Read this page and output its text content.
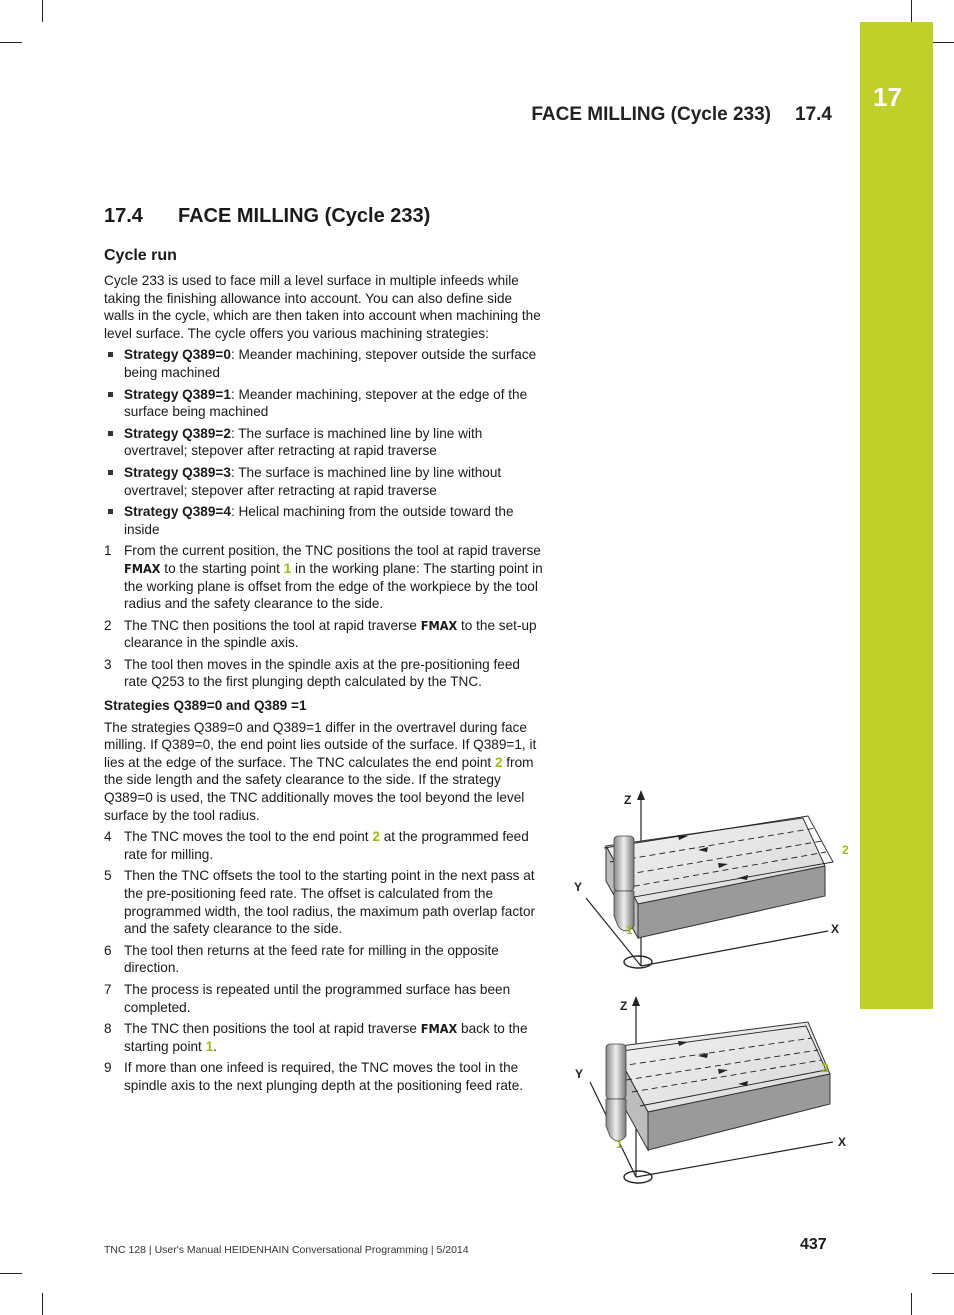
17
FACE MILLING (Cycle 233) 17.4
17.4 FACE MILLING (Cycle 233)
Cycle run

Cycle 233 is used to face mill a level surface in multiple infeeds while taking the finishing allowance into account. You can also define side walls in the cycle, which are then taken into account when machining the level surface. The cycle offers you various machining strategies:

Strategy Q389=0: Meander machining, stepover outside the surface being machined
Strategy Q389=1: Meander machining, stepover at the edge of the surface being machined
Strategy Q389=2: The surface is machined line by line with overtravel; stepover after retracting at rapid traverse
Strategy Q389=3: The surface is machined line by line without overtravel; stepover after retracting at rapid traverse
Strategy Q389=4: Helical machining from the outside toward the inside
1 From the current position, the TNC positions the tool at rapid traverse FMAX to the starting point 1 in the working plane: The starting point in the working plane is offset from the edge of the workpiece by the tool radius and the safety clearance to the side.
2 The TNC then positions the tool at rapid traverse FMAX to the set-up clearance in the spindle axis.
3 The tool then moves in the spindle axis at the pre-positioning feed rate Q253 to the first plunging depth calculated by the TNC.
Strategies Q389=0 and Q389 =1

The strategies Q389=0 and Q389=1 differ in the overtravel during face milling. If Q389=0, the end point lies outside of the surface. If Q389=1, it lies at the edge of the surface. The TNC calculates the end point 2 from the side length and the safety clearance to the side. If the strategy Q389=0 is used, the TNC additionally moves the tool beyond the level surface by the tool radius.

4 The TNC moves the tool to the end point 2 at the programmed feed rate for milling.
5 Then the TNC offsets the tool to the starting point in the next pass at the pre-positioning feed rate. The offset is calculated from the programmed width, the tool radius, the maximum path overlap factor and the safety clearance to the side.
6 The tool then returns at the feed rate for milling in the opposite direction.
7 The process is repeated until the programmed surface has been completed.
8 The TNC then positions the tool at rapid traverse FMAX back to the starting point 1.
9 If more than one infeed is required, the TNC moves the tool in the spindle axis to the next plunging depth at the positioning feed rate.
Z
Y
X
1
2
Z
Y
X
1
2
TNC 128 | User's Manual HEIDENHAIN Conversational Programming | 5/2014	437
